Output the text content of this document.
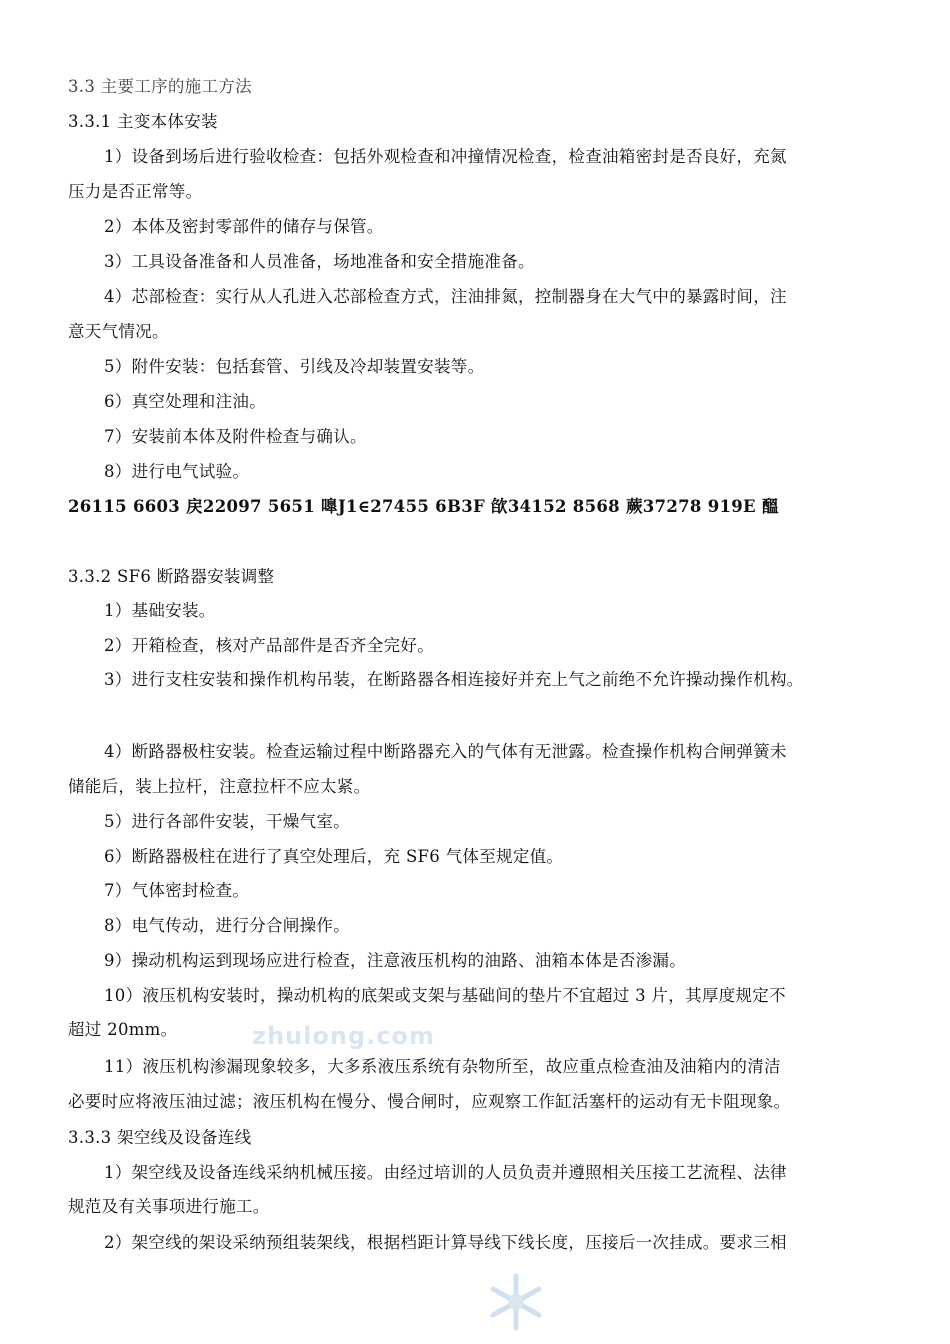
3.3 主要工序的施工方法
3.3.1 主变本体安装
1）设备到场后进行验收检查：包括外观检查和冲撞情况检查，检查油箱密封是否良好，充氮
压力是否正常等。
2）本体及密封零部件的储存与保管。
3）工具设备准备和人员准备，场地准备和安全措施准备。
4）芯部检查：实行从人孔进入芯部检查方式，注油排氮，控制器身在大气中的暴露时间，注
意天气情况。
5）附件安装：包括套管、引线及冷却装置安装等。
6）真空处理和注油。
7）安装前本体及附件检查与确认。
8）进行电气试验。
26115 6603 戻22097 5651 嘷J1∈27455 6B3F 欿34152 8568 蕨37278 919E 醞
3.3.2 SF6 断路器安装调整
1）基础安装。
2）开箱检查，核对产品部件是否齐全完好。
3）进行支柱安装和操作机构吊装，在断路器各相连接好并充上气之前绝不允许操动操作机构。
4）断路器极柱安装。检查运输过程中断路器充入的气体有无泄露。检查操作机构合闸弹簧未
储能后，装上拉杆，注意拉杆不应太紧。
5）进行各部件安装，干燥气室。
6）断路器极柱在进行了真空处理后，充 SF6 气体至规定值。
7）气体密封检查。
8）电气传动，进行分合闸操作。
9）操动机构运到现场应进行检查，注意液压机构的油路、油箱本体是否渗漏。
10）液压机构安装时，操动机构的底架或支架与基础间的垫片不宜超过 3 片，其厚度规定不
超过 20mm。
11）液压机构渗漏现象较多，大多系液压系统有杂物所至，故应重点检查油及油箱内的清洁
必要时应将液压油过滤；液压机构在慢分、慢合闸时，应观察工作缸活塞杆的运动有无卡阻现象。
3.3.3 架空线及设备连线
1）架空线及设备连线采纳机械压接。由经过培训的人员负责并遵照相关压接工艺流程、法律
规范及有关事项进行施工。
2）架空线的架设采纳预组装架线，根据档距计算导线下线长度，压接后一次挂成。要求三相
zhulong.com
